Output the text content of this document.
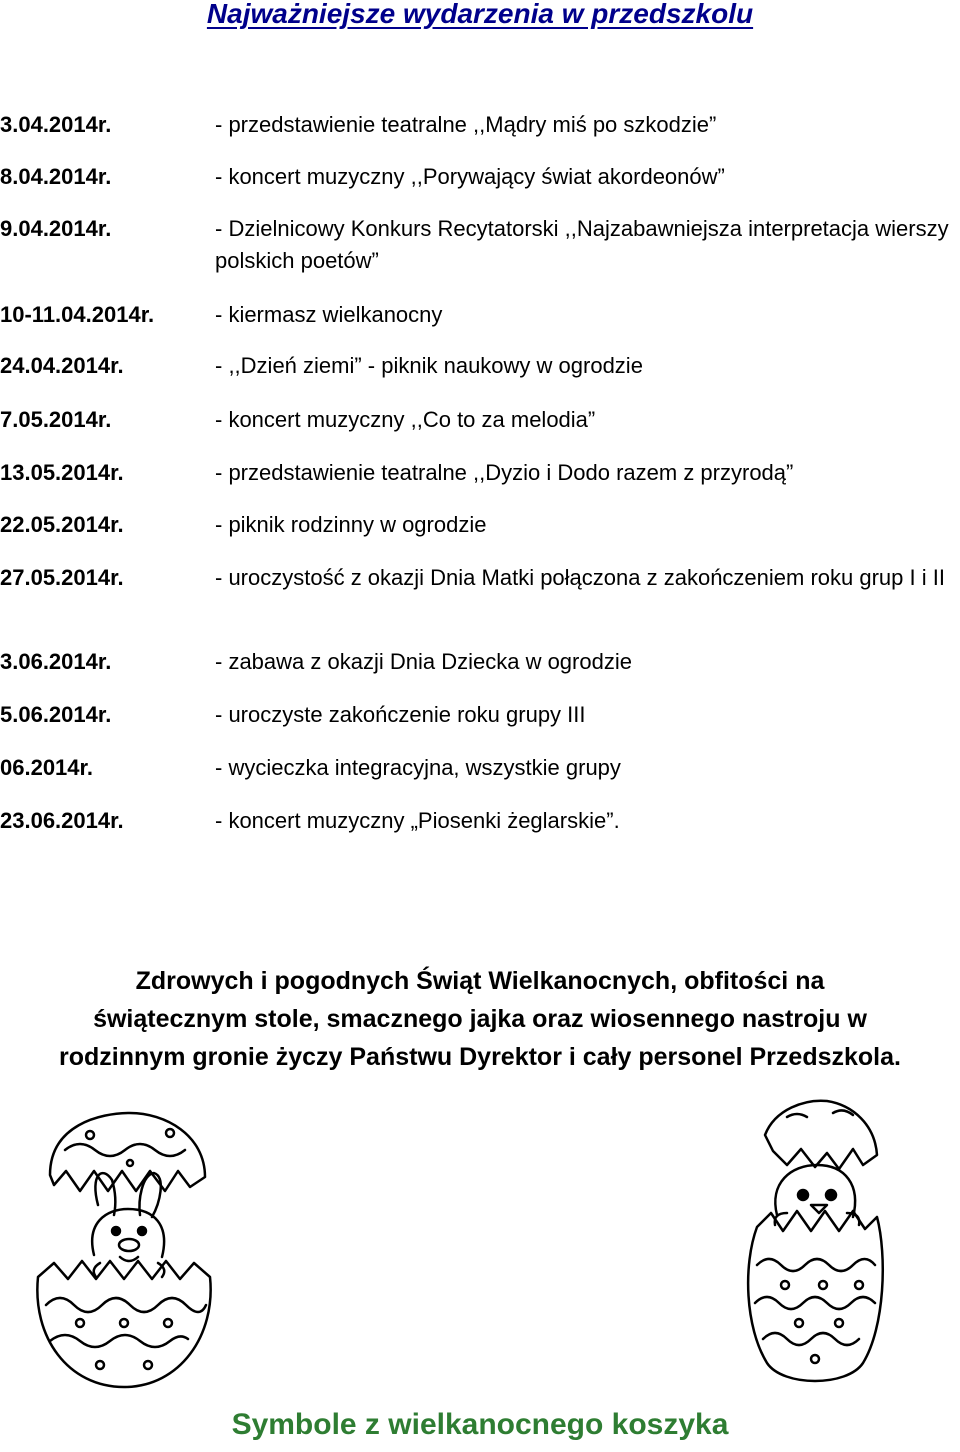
Najważniejsze wydarzenia w przedszkolu
3.04.2014r.	- przedstawienie teatralne ,,Mądry miś po szkodzie”
8.04.2014r.	- koncert muzyczny ,,Porywający świat akordeonów”
9.04.2014r.	- Dzielnicowy Konkurs Recytatorski ,,Najzabawniejsza interpretacja wierszy polskich poetów”
10-11.04.2014r.	- kiermasz wielkanocny
24.04.2014r.	- ,,Dzień ziemi” - piknik naukowy w ogrodzie
7.05.2014r.	- koncert muzyczny ,,Co to za melodia”
13.05.2014r.	- przedstawienie teatralne ,,Dyzio i Dodo razem z przyrodą”
22.05.2014r.	- piknik rodzinny w ogrodzie
27.05.2014r.	- uroczystość z okazji Dnia Matki połączona z zakończeniem roku grup I i II
3.06.2014r.	- zabawa z okazji Dnia Dziecka w ogrodzie
5.06.2014r.	- uroczyste zakończenie roku grupy III
06.2014r.	- wycieczka integracyjna, wszystkie grupy
23.06.2014r.	- koncert muzyczny „Piosenki żeglarskie”.
Zdrowych i pogodnych Świąt Wielkanocnych, obfitości na
świątecznym stole, smacznego jajka oraz wiosennego nastroju w
rodzinnym gronie życzy Państwu Dyrektor i cały personel Przedszkola.
Symbole z wielkanocnego koszyka
